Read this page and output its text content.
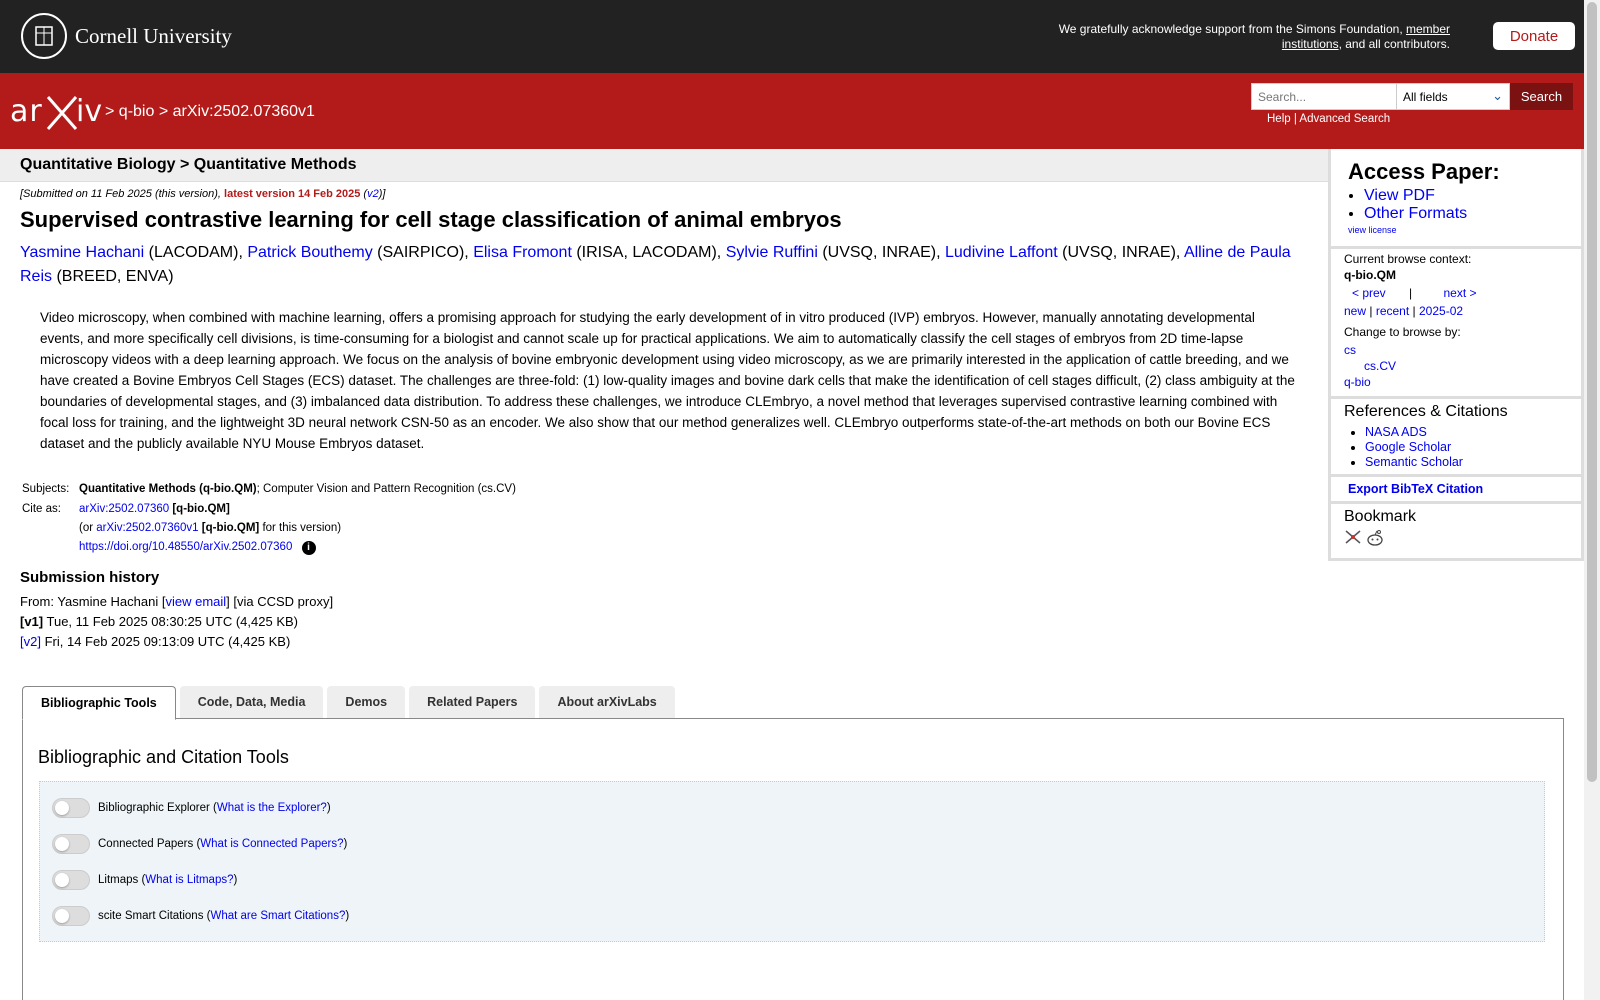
Cornell University	We gratefully acknowledge support from the Simons Foundation, member institutions, and all contributors.	Donate
ar iv > q-bio > arXiv:2502.07360v1
Search...
All fields	⌄	Search
Help | Advanced Search
Quantitative Biology > Quantitative Methods
[Submitted on 11 Feb 2025 (this version), latest version 14 Feb 2025 (v2)]
Supervised contrastive learning for cell stage classification of animal embryos
Yasmine Hachani (LACODAM), Patrick Bouthemy (SAIRPICO), Elisa Fromont (IRISA, LACODAM), Sylvie Ruffini (UVSQ, INRAE), Ludivine Laffont (UVSQ, INRAE), Alline de Paula Reis (BREED, ENVA)

Video microscopy, when combined with machine learning, offers a promising approach for studying the early development of in vitro produced (IVP) embryos. However, manually annotating developmental events, and more specifically cell divisions, is time-consuming for a biologist and cannot scale up for practical applications. We aim to automatically classify the cell stages of embryos from 2D time-lapse microscopy videos with a deep learning approach. We focus on the analysis of bovine embryonic development using video microscopy, as we are primarily interested in the application of cattle breeding, and we have created a Bovine Embryos Cell Stages (ECS) dataset. The challenges are three-fold: (1) low-quality images and bovine dark cells that make the identification of cell stages difficult, (2) class ambiguity at the boundaries of developmental stages, and (3) imbalanced data distribution. To address these challenges, we introduce CLEmbryo, a novel method that leverages supervised contrastive learning combined with focal loss for training, and the lightweight 3D neural network CSN-50 as an encoder. We also show that our method generalizes well. CLEmbryo outperforms state-of-the-art methods on both our Bovine ECS dataset and the publicly available NYU Mouse Embryos dataset.

Subjects:	Quantitative Methods (q-bio.QM); Computer Vision and Pattern Recognition (cs.CV)
Cite as:	arXiv:2502.07360 [q-bio.QM]
(or arXiv:2502.07360v1 [q-bio.QM] for this version)
https://doi.org/10.48550/arXiv.2502.07360 i
Submission history
From: Yasmine Hachani [view email] [via CCSD proxy]
[v1] Tue, 11 Feb 2025 08:30:25 UTC (4,425 KB)
[v2] Fri, 14 Feb 2025 09:13:09 UTC (4,425 KB)
Access Paper:
• View PDF
• Other Formats
view license
Current browse context:
q-bio.QM
< prev |	next >
new | recent | 2025-02
Change to browse by:
cs
cs.CV
q-bio
References & Citations
• NASA ADS
• Google Scholar
• Semantic Scholar
Export BibTeX Citation
Bookmark
Bibliographic Tools	Code, Data, Media	Demos	Related Papers	About arXivLabs
Bibliographic and Citation Tools
Bibliographic Explorer (What is the Explorer?)
Connected Papers (What is Connected Papers?)
Litmaps (What is Litmaps?)
scite Smart Citations (What are Smart Citations?)
